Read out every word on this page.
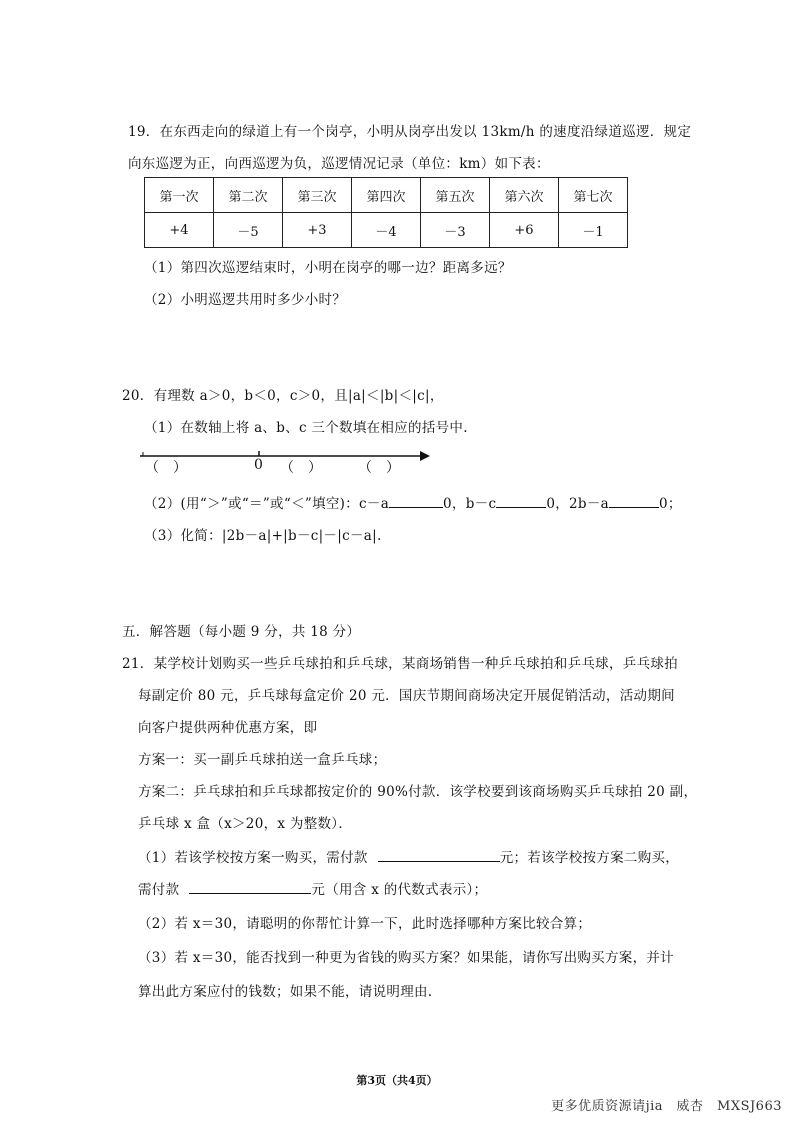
19．在东西走向的绿道上有一个岗亭，小明从岗亭出发以 13km/h 的速度沿绿道巡逻．规定
向东巡逻为正，向西巡逻为负，巡逻情况记录（单位：km）如下表：
第一次	第二次	第三次	第四次	第五次	第六次	第七次
+4	－5	+3	－4	－3	+6	－1
（1）第四次巡逻结束时，小明在岗亭的哪一边？距离多远？
（2）小明巡逻共用时多少小时？
20．有理数 a＞0，b＜0，c＞0，且|a|＜|b|＜|c|，
（1）在数轴上将 a、b、c 三个数填在相应的括号中.
（　）	0 （　）	（　）
（2）(用“＞”或“＝”或“＜”填空)：c－a	0，b－c	0，2b－a	0；
（3）化简：|2b－a|+|b－c|－|c－a|.
五．解答题（每小题 9 分，共 18 分）
21．某学校计划购买一些乒乓球拍和乒乓球，某商场销售一种乒乓球拍和乒乓球，乒乓球拍
每副定价 80 元，乒乓球每盒定价 20 元．国庆节期间商场决定开展促销活动，活动期间
向客户提供两种优惠方案，即
方案一：买一副乒乓球拍送一盒乒乓球；
方案二：乒乓球拍和乒乓球都按定价的 90%付款．该学校要到该商场购买乒乓球拍 20 副，
乒乓球 x 盒（x＞20，x 为整数）．
（1）若该学校按方案一购买，需付款	元；若该学校按方案二购买，
需付款	元（用含 x 的代数式表示）；
（2）若 x＝30，请聪明的你帮忙计算一下，此时选择哪种方案比较合算；
（3）若 x＝30，能否找到一种更为省钱的购买方案？如果能，请你写出购买方案，并计
算出此方案应付的钱数；如果不能，请说明理由.
第3页（共4页）
更多优质资源请jia　威杏　MXSJ663
